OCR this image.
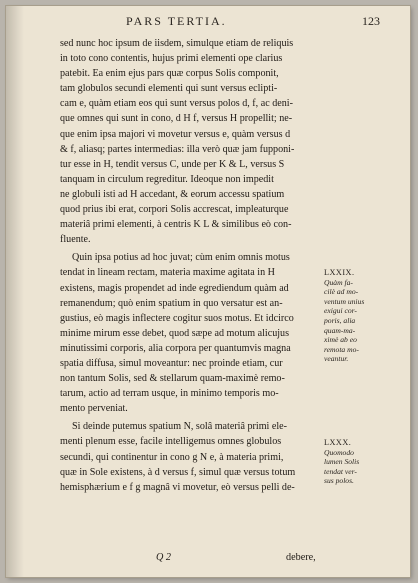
PARS TERTIA.	123
sed nunc hoc ipsum de iisdem, simulque etiam de reliquis
in toto cono contentis, hujus primi elementi ope clarius
patebit. Ea enim ejus pars quæ corpus Solis componit,
tam globulos secundi elementi qui sunt versus eclipti-
cam e, quàm etiam eos qui sunt versus polos d, f, ac deni-
que omnes qui sunt in cono, d H f, versus H propellit; ne-
que enim ipsa majori vi movetur versus e, quàm versus d
& f, aliasq; partes intermedias: illa verò quæ jam fupponi-
tur esse in H, tendit versus C, unde per K & L, versus S
tanquam in circulum regreditur. Ideoque non impedit
ne globuli isti ad H accedant, & eorum accessu spatium
quod prius ibi erat, corpori Solis accrescat, impleaturque
materiâ primi elementi, à centris K L & similibus eò con-
fluente.
Quin ipsa potius ad hoc juvat; cùm enim omnis motus
tendat in lineam rectam, materia maxime agitata in H
existens, magis propendet ad inde egrediendum quàm ad
remanendum; quò enim spatium in quo versatur est an-
gustius, eò magis inflectere cogitur suos motus. Et idcirco
minime mirum esse debet, quod sæpe ad motum alicujus
minutissimi corporis, alia corpora per quantumvis magna
spatia diffusa, simul moveantur: nec proinde etiam, cur
non tantum Solis, sed & stellarum quam-maximè remo-
tarum, actio ad terram usque, in minimo temporis mo-
mento perveniat.
Si deinde putemus spatium N, solâ materiâ primi ele-
menti plenum esse, facile intelligemus omnes globulos
secundi, qui continentur in cono g N e, à materia primi,
quæ in Sole existens, à d versus f, simul quæ versus totum
hemisphærium e f g magnâ vi movetur, eò versus pelli de-
LXXIX.
Quàm fa-
cilè ad mo-
ventum unius
exigui cor-
poris, alia
quam-ma-
ximè ab eo
remota mo-
veantur.
LXXX.
Quomodo
lumen Solis
tendat ver-
sus polos.
Q 2	debere,
